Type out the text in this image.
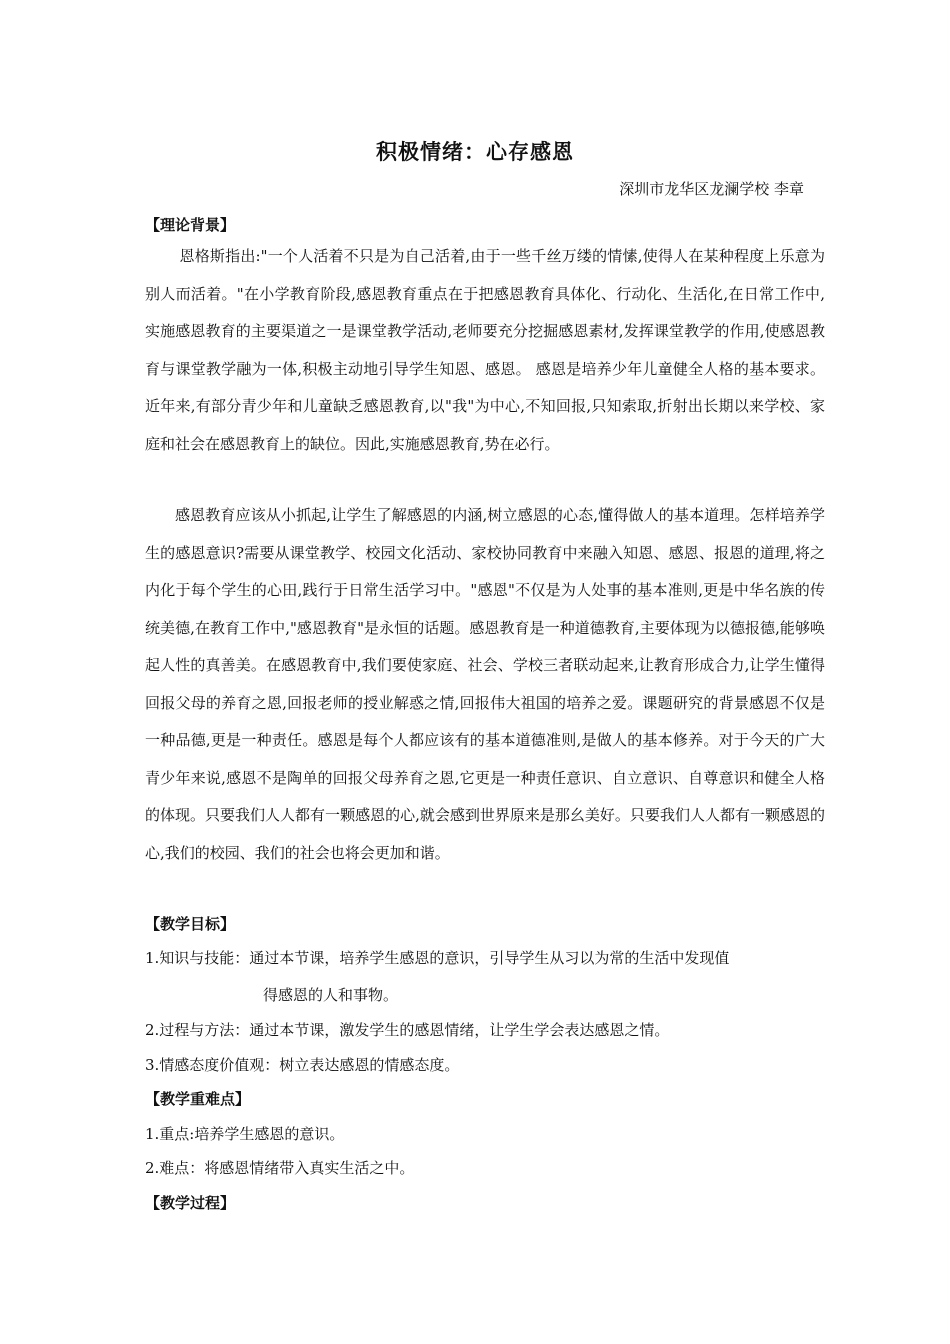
积极情绪：心存感恩
深圳市龙华区龙澜学校 李章
【理论背景】

恩格斯指出:"一个人活着不只是为自己活着,由于一些千丝万缕的情愫,使得人在某种程度上乐意为别人而活着。"在小学教育阶段,感恩教育重点在于把感恩教育具体化、行动化、生活化,在日常工作中,实施感恩教育的主要渠道之一是课堂教学活动,老师要充分挖掘感恩素材,发挥课堂教学的作用,使感恩教育与课堂教学融为一体,积极主动地引导学生知恩、感恩。 感恩是培养少年儿童健全人格的基本要求。近年来,有部分青少年和儿童缺乏感恩教育,以"我"为中心,不知回报,只知索取,折射出长期以来学校、家庭和社会在感恩教育上的缺位。因此,实施感恩教育,势在必行。

感恩教育应该从小抓起,让学生了解感恩的内涵,树立感恩的心态,懂得做人的基本道理。怎样培养学生的感恩意识?需要从课堂教学、校园文化活动、家校协同教育中来融入知恩、感恩、报恩的道理,将之内化于每个学生的心田,践行于日常生活学习中。"感恩"不仅是为人处事的基本准则,更是中华名族的传统美德,在教育工作中,"感恩教育"是永恒的话题。感恩教育是一种道德教育,主要体现为以德报德,能够唤起人性的真善美。在感恩教育中,我们要使家庭、社会、学校三者联动起来,让教育形成合力,让学生懂得回报父母的养育之恩,回报老师的授业解惑之情,回报伟大祖国的培养之爱。课题研究的背景感恩不仅是一种品德,更是一种责任。感恩是每个人都应该有的基本道德准则,是做人的基本修养。对于今天的广大青少年来说,感恩不是陶单的回报父母养育之恩,它更是一种责任意识、自立意识、自尊意识和健全人格的体现。只要我们人人都有一颗感恩的心,就会感到世界原来是那幺美好。只要我们人人都有一颗感恩的心,我们的校园、我们的社会也将会更加和谐。

【教学目标】
1.知识与技能：通过本节课，培养学生感恩的意识，引导学生从习以为常的生活中发现值
得感恩的人和事物。
2.过程与方法：通过本节课，激发学生的感恩情绪，让学生学会表达感恩之情。
3.情感态度价值观：树立表达感恩的情感态度。
【教学重难点】
1.重点:培养学生感恩的意识。
2.难点：将感恩情绪带入真实生活之中。
【教学过程】
